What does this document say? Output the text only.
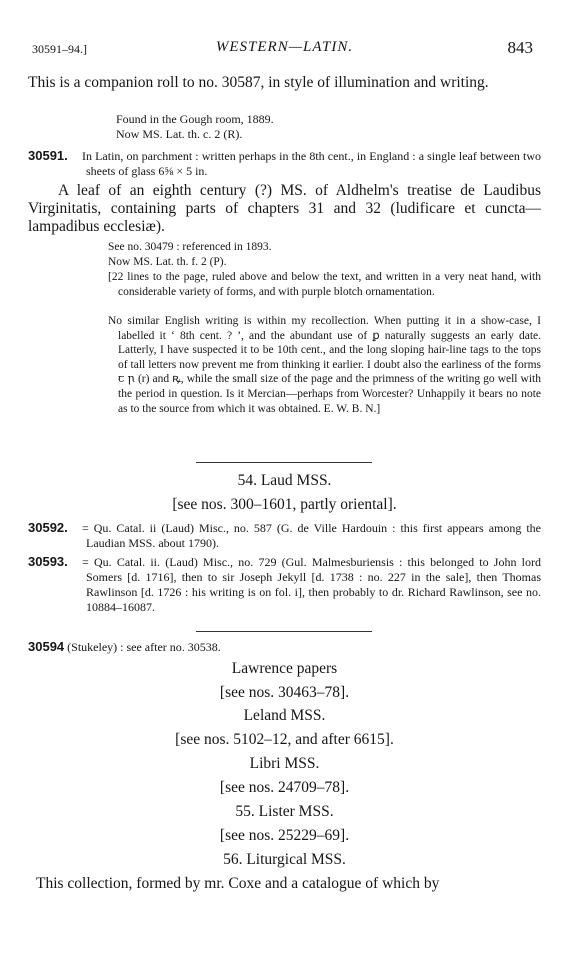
30591–94.]	WESTERN—LATIN.	843
This is a companion roll to no. 30587, in style of illumination and writing.
Found in the Gough room, 1889.
Now MS. Lat. th. c. 2 (R).
30591. In Latin, on parchment : written perhaps in the 8th cent., in England : a single leaf between two sheets of glass 6⅝ × 5 in.
A leaf of an eighth century (?) MS. of Aldhelm's treatise de Laudibus Virginitatis, containing parts of chapters 31 and 32 (ludificare et cuncta—lampadibus ecclesiæ).
See no. 30479 : referenced in 1893.
Now MS. Lat. th. f. 2 (P).
[22 lines to the page, ruled above and below the text, and written in a very neat hand, with considerable variety of forms, and with purple blotch ornamentation.
No similar English writing is within my recollection. When putting it in a show-case, I labelled it ‘ 8th cent. ? ’, and the abundant use of ꝑ naturally suggests an early date. Latterly, I have suspected it to be 10th cent., and the long sloping hair-line tags to the tops of tall letters now prevent me from thinking it earlier. I doubt also the earliness of the forms ꞇ ꞃ (r) and ꝶ, while the small size of the page and the primness of the writing go well with the period in question. Is it Mercian—perhaps from Worcester? Unhappily it bears no note as to the source from which it was obtained. E. W. B. N.]
54. Laud MSS.
[see nos. 300–1601, partly oriental].
30592. = Qu. Catal. ii (Laud) Misc., no. 587 (G. de Ville Hardouin : this first appears among the Laudian MSS. about 1790).
30593. = Qu. Catal. ii. (Laud) Misc., no. 729 (Gul. Malmesburiensis : this belonged to John lord Somers [d. 1716], then to sir Joseph Jekyll [d. 1738 : no. 227 in the sale], then Thomas Rawlinson [d. 1726 : his writing is on fol. i], then probably to dr. Richard Rawlinson, see no. 10884–16087.
30594 (Stukeley) : see after no. 30538.
Lawrence papers
[see nos. 30463–78].
Leland MSS.
[see nos. 5102–12, and after 6615].
Libri MSS.
[see nos. 24709–78].
55. Lister MSS.
[see nos. 25229–69].
56. Liturgical MSS.
This collection, formed by mr. Coxe and a catalogue of which by
